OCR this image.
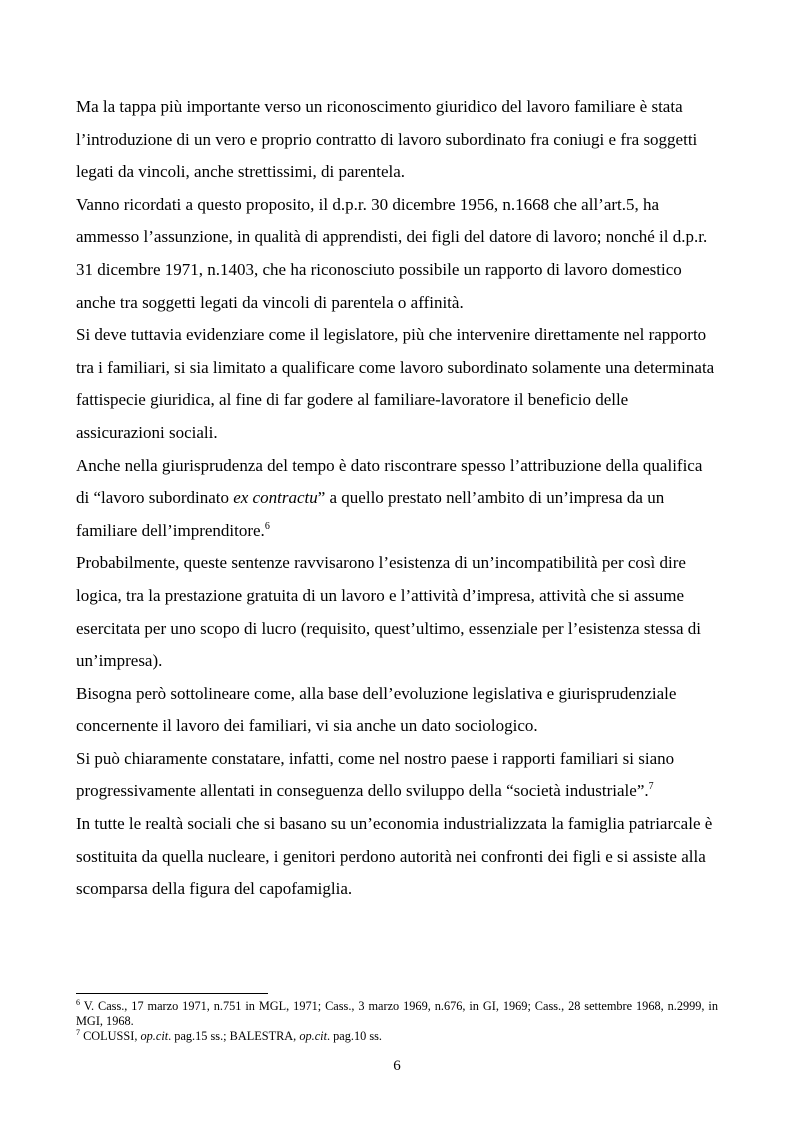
Ma la tappa più importante verso un riconoscimento giuridico del lavoro familiare è stata l’introduzione di un vero e proprio contratto di lavoro subordinato fra coniugi e fra soggetti legati da vincoli, anche strettissimi, di parentela.

Vanno ricordati a questo proposito, il d.p.r. 30 dicembre 1956, n.1668 che all’art.5, ha ammesso l’assunzione, in qualità di apprendisti, dei figli del datore di lavoro; nonché il d.p.r. 31 dicembre 1971, n.1403, che ha riconosciuto possibile un rapporto di lavoro domestico anche tra soggetti legati da vincoli di parentela o affinità.

Si deve tuttavia evidenziare come il legislatore, più che intervenire direttamente nel rapporto tra i familiari, si sia limitato a qualificare come lavoro subordinato solamente una determinata fattispecie giuridica, al fine di far godere al familiare-lavoratore il beneficio delle assicurazioni sociali.

Anche nella giurisprudenza del tempo è dato riscontrare spesso l’attribuzione della qualifica di “lavoro subordinato ex contractu” a quello prestato nell’ambito di un’impresa da un familiare dell’imprenditore.$^6$

Probabilmente, queste sentenze ravvisarono l’esistenza di un’incompatibilità per così dire logica, tra la prestazione gratuita di un lavoro e l’attività d’impresa, attività che si assume esercitata per uno scopo di lucro (requisito, quest’ultimo, essenziale per l’esistenza stessa di un’impresa).

Bisogna però sottolineare come, alla base dell’evoluzione legislativa e giurisprudenziale concernente il lavoro dei familiari, vi sia anche un dato sociologico.

Si può chiaramente constatare, infatti, come nel nostro paese i rapporti familiari si siano progressivamente allentati in conseguenza dello sviluppo della “società industriale”.$^7$

In tutte le realtà sociali che si basano su un’economia industrializzata la famiglia patriarcale è sostituita da quella nucleare, i genitori perdono autorità nei confronti dei figli e si assiste alla scomparsa della figura del capofamiglia.

$^6$ V. Cass., 17 marzo 1971, n.751 in MGL, 1971; Cass., 3 marzo 1969, n.676, in GI, 1969; Cass., 28 settembre 1968, n.2999, in MGI, 1968.

$^7$ COLUSSI, op.cit. pag.15 ss.; BALESTRA, op.cit. pag.10 ss.

6
